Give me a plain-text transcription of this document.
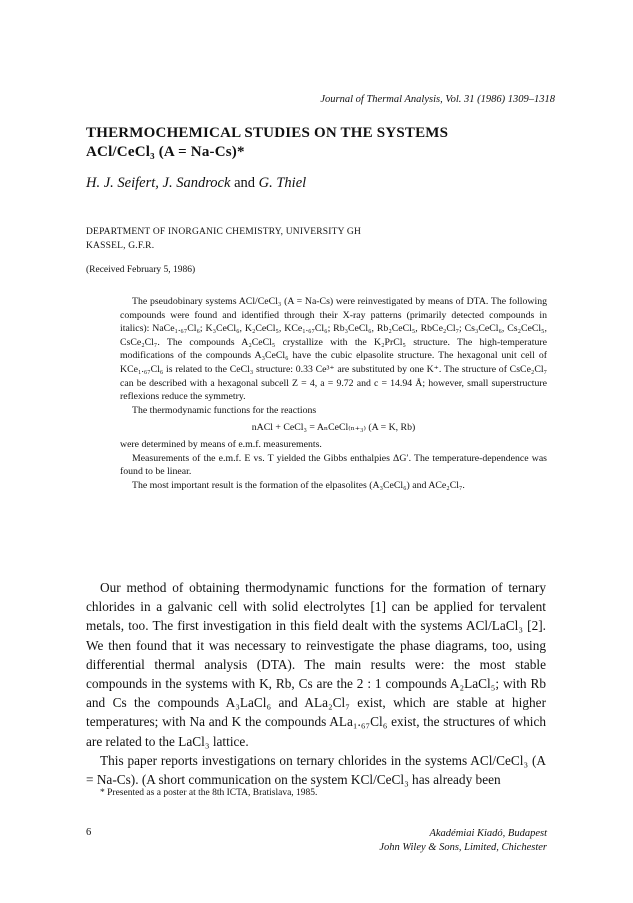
Journal of Thermal Analysis, Vol. 31 (1986) 1309–1318
THERMOCHEMICAL STUDIES ON THE SYSTEMS
ACl/CeCl₃ (A = Na-Cs)*
H. J. Seifert, J. Sandrock and G. Thiel
DEPARTMENT OF INORGANIC CHEMISTRY, UNIVERSITY GH
KASSEL, G.F.R.
(Received February 5, 1986)

The pseudobinary systems ACl/CeCl₃ (A = Na-Cs) were reinvestigated by means of DTA. The following compounds were found and identified through their X-ray patterns (primarily detected compounds in italics): NaCe₁.₆₇Cl₆; K₃CeCl₆, K₂CeCl₅, KCe₁.₆₇Cl₆; Rb₃CeCl₆, Rb₂CeCl₅, RbCe₂Cl₇; Cs₃CeCl₆, Cs₂CeCl₅, CsCe₂Cl₇. The compounds A₂CeCl₅ crystallize with the K₂PrCl₅ structure. The high-temperature modifications of the compounds A₃CeCl₆ have the cubic elpasolite structure. The hexagonal unit cell of KCe₁.₆₇Cl₆ is related to the CeCl₃ structure: 0.33 Ce³⁺ are substituted by one K⁺. The structure of CsCe₂Cl₇ can be described with a hexagonal subcell Z = 4, a = 9.72 and c = 14.94 Å; however, small superstructure reflexions reduce the symmetry.

The thermodynamic functions for the reactions

nACl + CeCl₃ = AₙCeCl₍ₙ₊₃₎ (A = K, Rb)

were determined by means of e.m.f. measurements.

Measurements of the e.m.f. E vs. T yielded the Gibbs enthalpies ΔG′. The temperature-dependence was found to be linear.

The most important result is the formation of the elpasolites (A₃CeCl₆) and ACe₂Cl₇.

Our method of obtaining thermodynamic functions for the formation of ternary chlorides in a galvanic cell with solid electrolytes [1] can be applied for tervalent metals, too. The first investigation in this field dealt with the systems ACl/LaCl₃ [2]. We then found that it was necessary to reinvestigate the phase diagrams, too, using differential thermal analysis (DTA). The main results were: the most stable compounds in the systems with K, Rb, Cs are the 2 : 1 compounds A₂LaCl₅; with Rb and Cs the compounds A₃LaCl₆ and ALa₂Cl₇ exist, which are stable at higher temperatures; with Na and K the compounds ALa₁.₆₇Cl₆ exist, the structures of which are related to the LaCl₃ lattice.

This paper reports investigations on ternary chlorides in the systems ACl/CeCl₃ (A = Na-Cs). (A short communication on the system KCl/CeCl₃ has already been

* Presented as a poster at the 8th ICTA, Bratislava, 1985.
6	Akadémiai Kiadó, Budapest
John Wiley & Sons, Limited, Chichester
